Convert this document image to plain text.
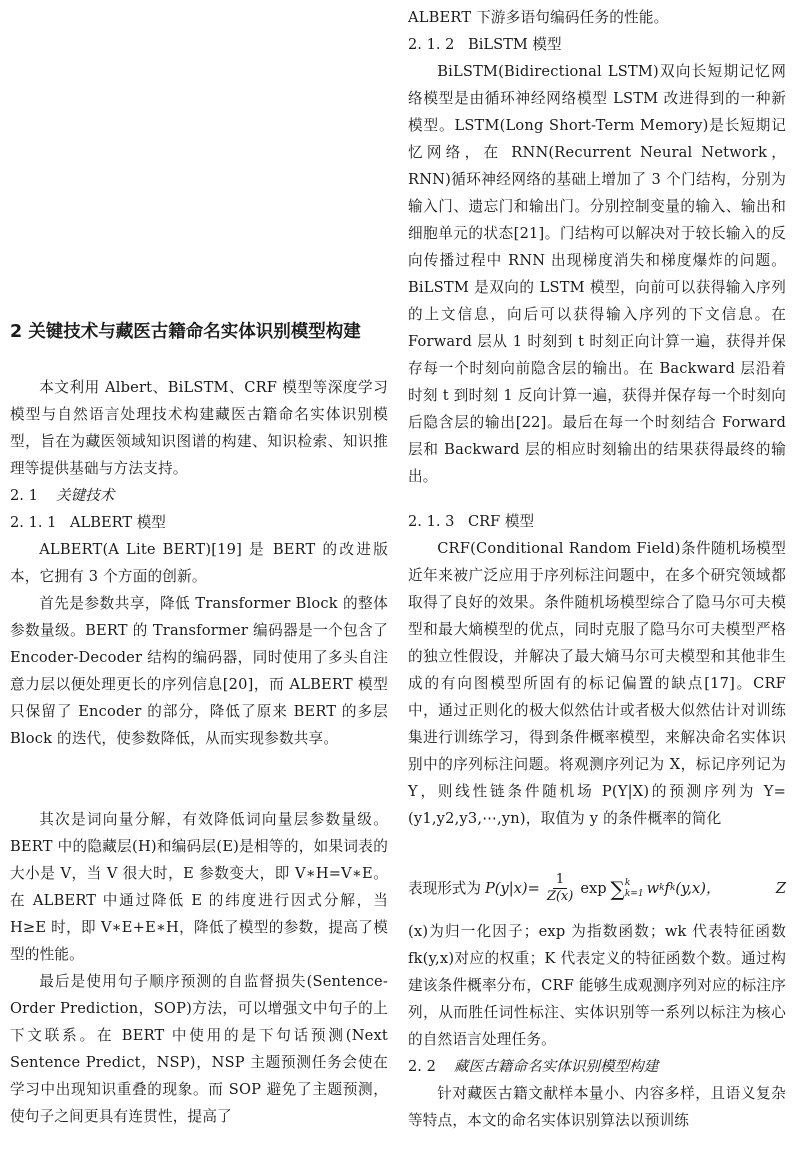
2 关键技术与藏医古籍命名实体识别模型构建

本文利用 Albert、BiLSTM、CRF 模型等深度学习模型与自然语言处理技术构建藏医古籍命名实体识别模型，旨在为藏医领域知识图谱的构建、知识检索、知识推理等提供基础与方法支持。

2. 1 关键技术
2. 1. 1 ALBERT 模型

ALBERT(A Lite BERT)[19] 是 BERT 的改进版本，它拥有 3 个方面的创新。

首先是参数共享，降低 Transformer Block 的整体参数量级。BERT 的 Transformer 编码器是一个包含了 Encoder-Decoder 结构的编码器，同时使用了多头自注意力层以便处理更长的序列信息[20]，而 ALBERT 模型只保留了 Encoder 的部分，降低了原来 BERT 的多层 Block 的迭代，使参数降低，从而实现参数共享。

其次是词向量分解，有效降低词向量层参数量级。BERT 中的隐藏层(H)和编码层(E)是相等的，如果词表的大小是 V，当 V 很大时，E 参数变大，即 V∗H=V∗E。在 ALBERT 中通过降低 E 的纬度进行因式分解，当 H≥E 时，即 V∗E+E∗H，降低了模型的参数，提高了模型的性能。

最后是使用句子顺序预测的自监督损失(Sentence-Order Prediction，SOP)方法，可以增强文中句子的上下文联系。在 BERT 中使用的是下句话预测(Next Sentence Predict，NSP)，NSP 主题预测任务会使在学习中出现知识重叠的现象。而 SOP 避免了主题预测，使句子之间更具有连贯性，提高了

ALBERT 下游多语句编码任务的性能。

2. 1. 2 BiLSTM 模型

BiLSTM(Bidirectional LSTM)双向长短期记忆网络模型是由循环神经网络模型 LSTM 改进得到的一种新模型。LSTM(Long Short-Term Memory)是长短期记忆网络，在 RNN(Recurrent Neural Network，RNN)循环神经网络的基础上增加了 3 个门结构，分别为输入门、遗忘门和输出门。分别控制变量的输入、输出和细胞单元的状态[21]。门结构可以解决对于较长输入的反向传播过程中 RNN 出现梯度消失和梯度爆炸的问题。BiLSTM 是双向的 LSTM 模型，向前可以获得输入序列的上文信息，向后可以获得输入序列的下文信息。在 Forward 层从 1 时刻到 t 时刻正向计算一遍，获得并保存每一个时刻向前隐含层的输出。在 Backward 层沿着时刻 t 到时刻 1 反向计算一遍，获得并保存每一个时刻向后隐含层的输出[22]。最后在每一个时刻结合 Forward 层和 Backward 层的相应时刻输出的结果获得最终的输出。

2. 1. 3 CRF 模型

CRF(Conditional Random Field)条件随机场模型近年来被广泛应用于序列标注问题中，在多个研究领域都取得了良好的效果。条件随机场模型综合了隐马尔可夫模型和最大熵模型的优点，同时克服了隐马尔可夫模型严格的独立性假设，并解决了最大熵马尔可夫模型和其他非生成的有向图模型所固有的标记偏置的缺点[17]。CRF 中，通过正则化的极大似然估计或者极大似然估计对训练集进行训练学习，得到条件概率模型，来解决命名实体识别中的序列标注问题。将观测序列记为 X，标记序列记为 Y，则线性链条件随机场 P(Y|X)的预测序列为 Y=(y1,y2,y3,⋯,yn)，取值为 y 的条件概率的简化

表现形式为 $P(y|x)= \frac{1}{Z(x)}$ exp ∑ k
k=1 w k f k (y,x)，	Z

(x)为归一化因子；exp 为指数函数；wk 代表特征函数 fk(y,x)对应的权重；K 代表定义的特征函数个数。通过构建该条件概率分布，CRF 能够生成观测序列对应的标注序列，从而胜任词性标注、实体识别等一系列以标注为核心的自然语言处理任务。

2. 2 藏医古籍命名实体识别模型构建

针对藏医古籍文献样本量小、内容多样，且语义复杂等特点，本文的命名实体识别算法以预训练
